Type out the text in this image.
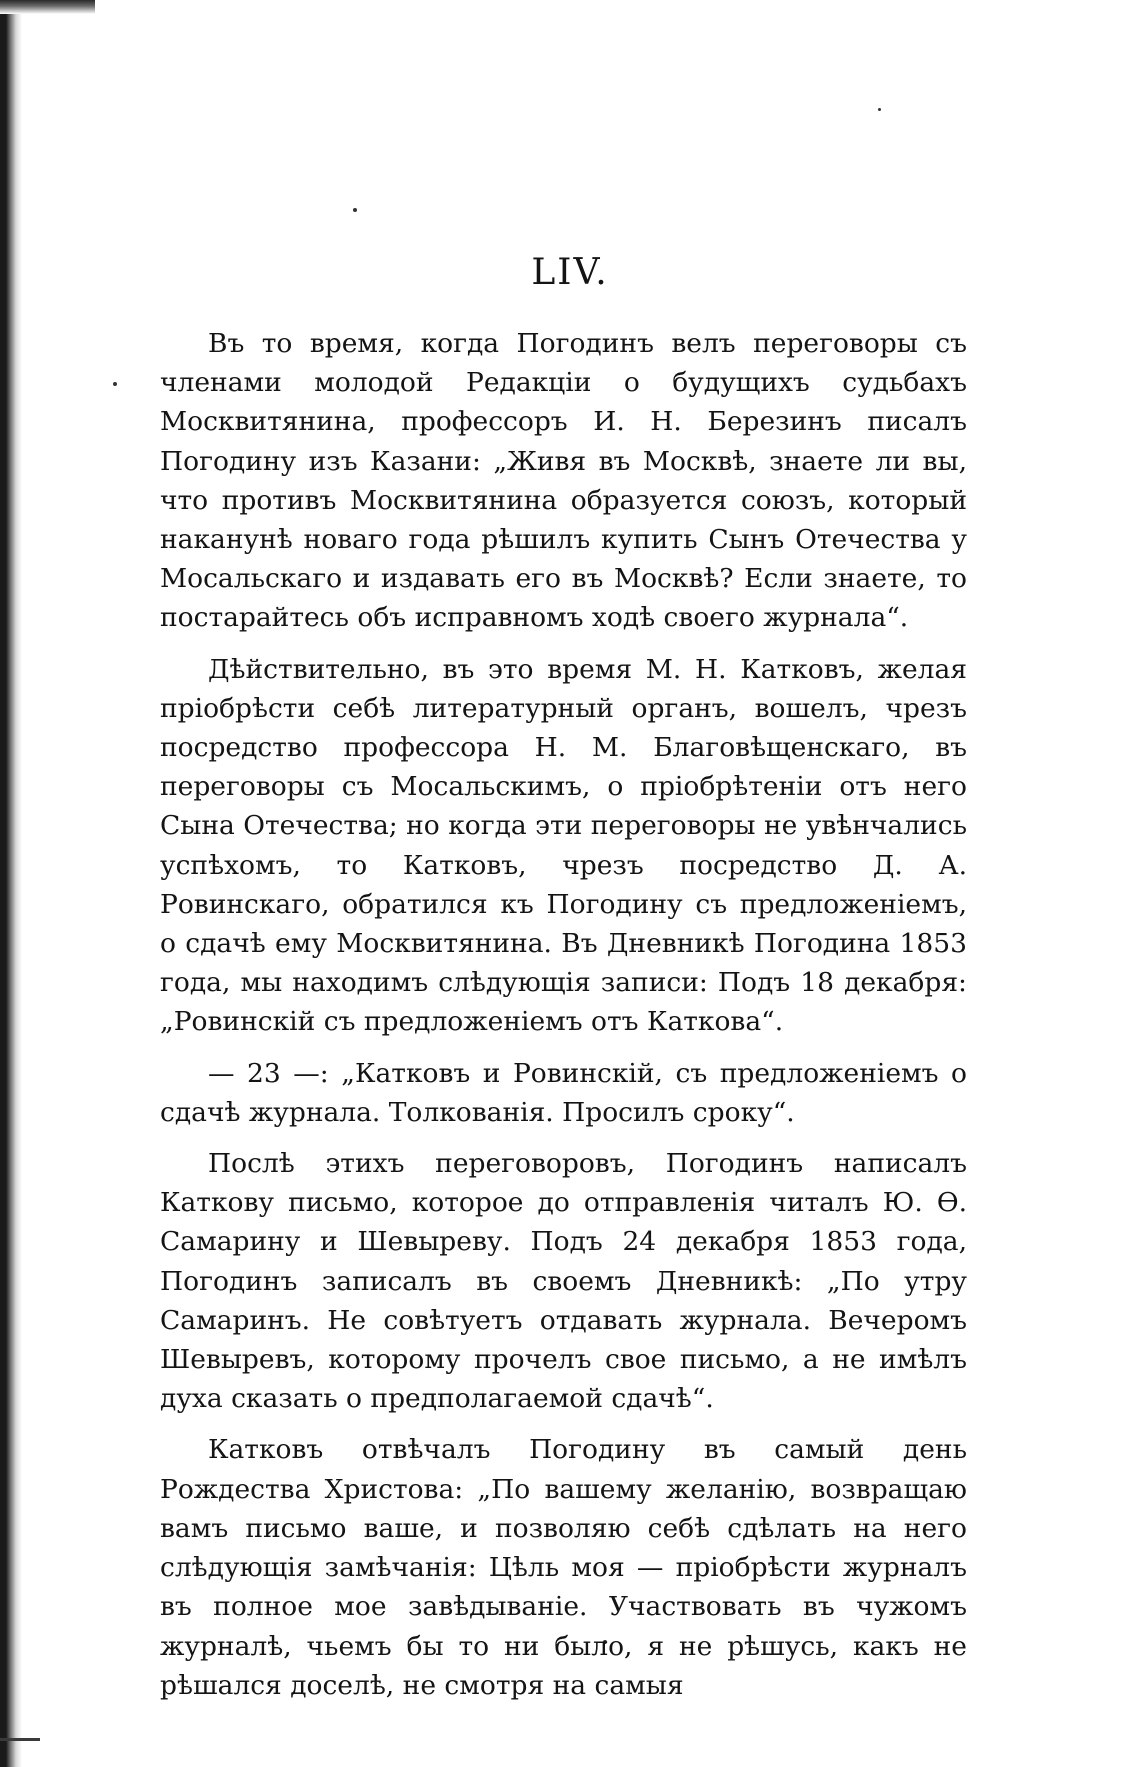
LIV.

Въ то время, когда Погодинъ велъ переговоры съ членами молодой Редакціи о будущихъ судьбахъ Москвитянина, профессоръ И. Н. Березинъ писалъ Погодину изъ Казани: „Живя въ Москвѣ, знаете ли вы, что противъ Москвитянина образуется союзъ, который наканунѣ новаго года рѣшилъ купить Сынъ Отечества у Мосальскаго и издавать его въ Москвѣ? Если знаете, то постарайтесь объ исправномъ ходѣ своего журнала“.

Дѣйствительно, въ это время М. Н. Катковъ, желая пріобрѣсти себѣ литературный органъ, вошелъ, чрезъ посредство профессора Н. М. Благовѣщенскаго, въ переговоры съ Мосальскимъ, о пріобрѣтеніи отъ него Сына Отечества; но когда эти переговоры не увѣнчались успѣхомъ, то Катковъ, чрезъ посредство Д. А. Ровинскаго, обратился къ Погодину съ предложеніемъ, о сдачѣ ему Москвитянина. Въ Дневникѣ Погодина 1853 года, мы находимъ слѣдующія записи: Подъ 18 декабря: „Ровинскій съ предложеніемъ отъ Каткова“.

— 23 —: „Катковъ и Ровинскій, съ предложеніемъ о сдачѣ журнала. Толкованія. Просилъ сроку“.

Послѣ этихъ переговоровъ, Погодинъ написалъ Каткову письмо, которое до отправленія читалъ Ю. Ѳ. Самарину и Шевыреву. Подъ 24 декабря 1853 года, Погодинъ записалъ въ своемъ Дневникѣ: „По утру Самаринъ. Не совѣтуетъ отдавать журнала. Вечеромъ Шевыревъ, которому прочелъ свое письмо, а не имѣлъ духа сказать о предполагаемой сдачѣ“.

Катковъ отвѣчалъ Погодину въ самый день Рождества Христова: „По вашему желанію, возвращаю вамъ письмо ваше, и позволяю себѣ сдѣлать на него слѣдующія замѣчанія: Цѣль моя — пріобрѣсти журналъ въ полное мое завѣдываніе. Участвовать въ чужомъ журналѣ, чьемъ бы то ни было, я не рѣшусь, какъ не рѣшался доселѣ, не смотря на самыя
